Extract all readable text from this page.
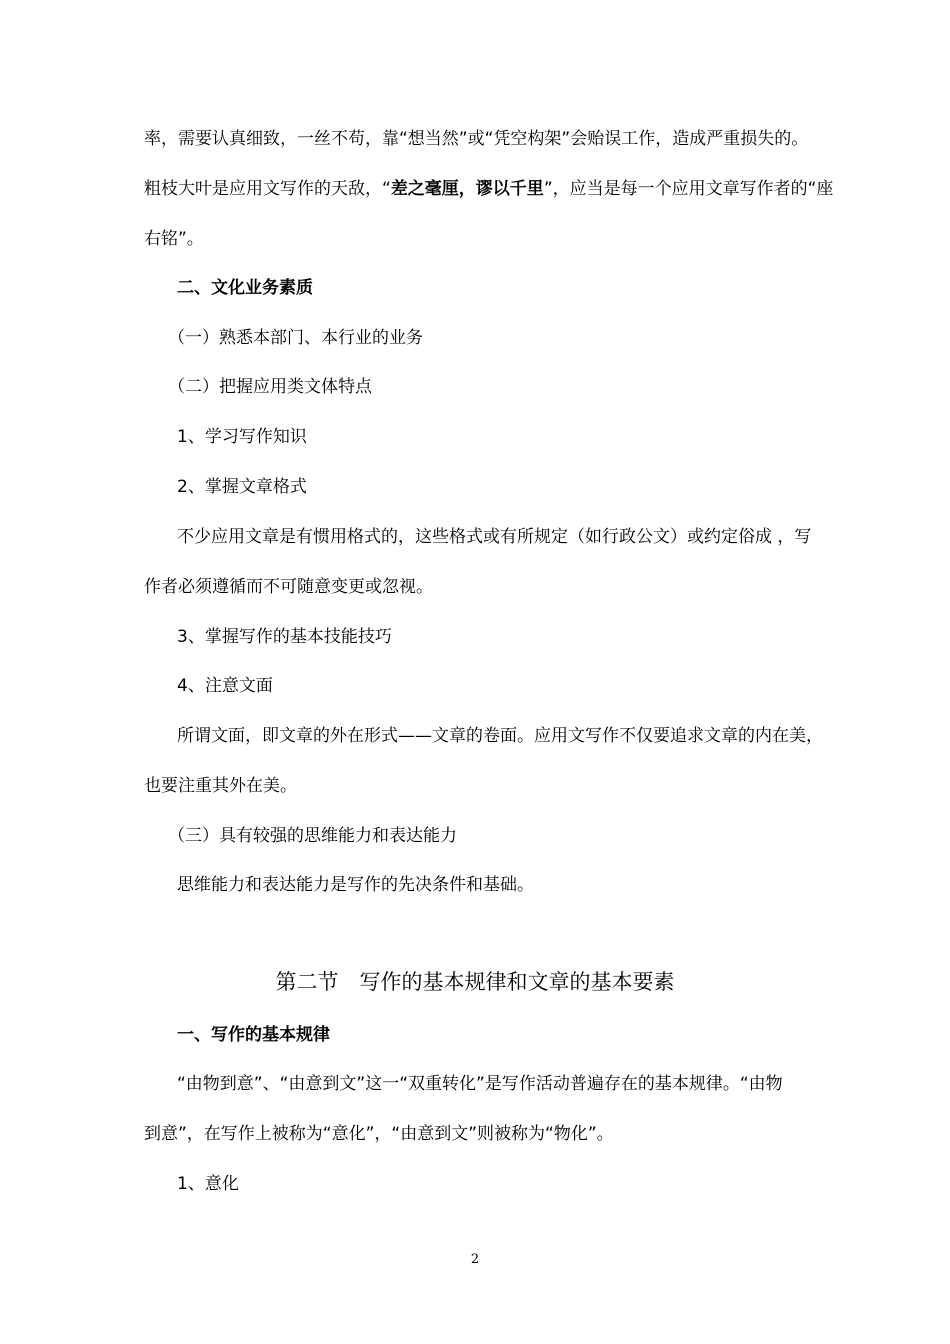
率，需要认真细致，一丝不苟，靠“想当然”或“凭空构架”会贻误工作，造成严重损失的。
粗枝大叶是应用文写作的天敌，“差之毫厘，谬以千里”，应当是每一个应用文章写作者的“座
右铭”。
二、文化业务素质
（一）熟悉本部门、本行业的业务
（二）把握应用类文体特点
1、学习写作知识
2、掌握文章格式
不少应用文章是有惯用格式的，这些格式或有所规定（如行政公文）或约定俗成 ，写
作者必须遵循而不可随意变更或忽视。
3、掌握写作的基本技能技巧
4、注意文面
所谓文面，即文章的外在形式——文章的卷面。应用文写作不仅要追求文章的内在美，
也要注重其外在美。
（三）具有较强的思维能力和表达能力
思维能力和表达能力是写作的先决条件和基础。
第二节　写作的基本规律和文章的基本要素
一、写作的基本规律
“由物到意”、“由意到文”这一“双重转化”是写作活动普遍存在的基本规律。“由物
到意”，在写作上被称为“意化”，“由意到文”则被称为“物化”。
1、意化
2
